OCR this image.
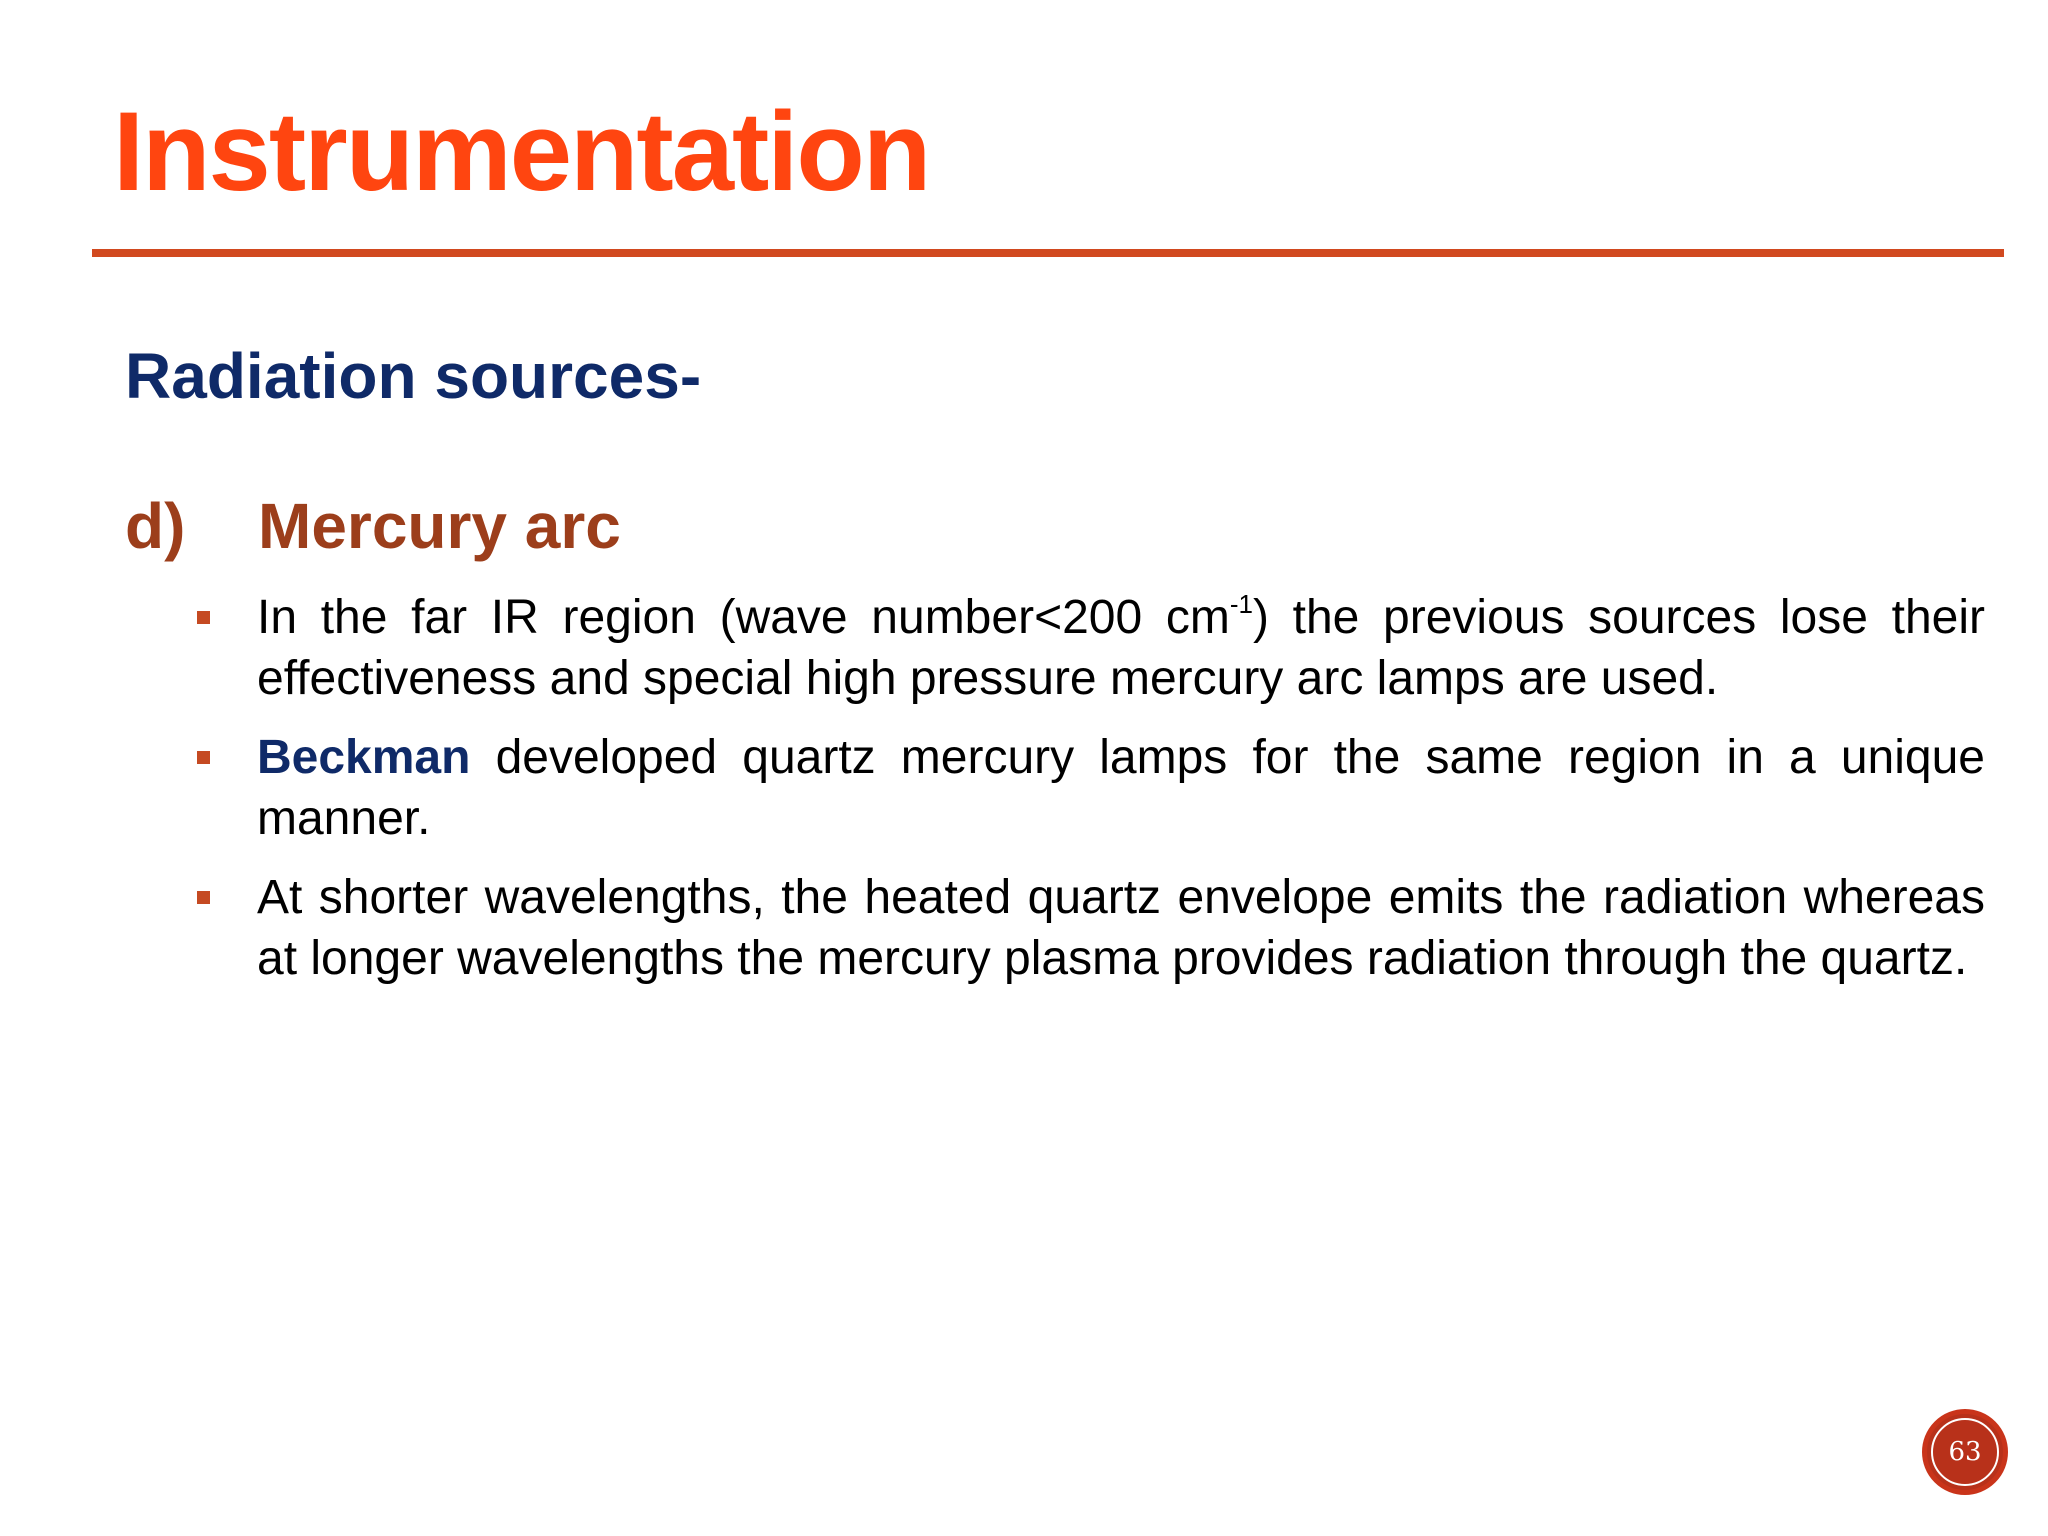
Instrumentation
Radiation sources-
d) Mercury arc
In the far IR region (wave number<200 $cm^{-1}$) the previous sources lose their effectiveness and special high pressure mercury arc lamps are used.
Beckman developed quartz mercury lamps for the same region in a unique manner.
At shorter wavelengths, the heated quartz envelope emits the radiation whereas at longer wavelengths the mercury plasma provides radiation through the quartz.
63
